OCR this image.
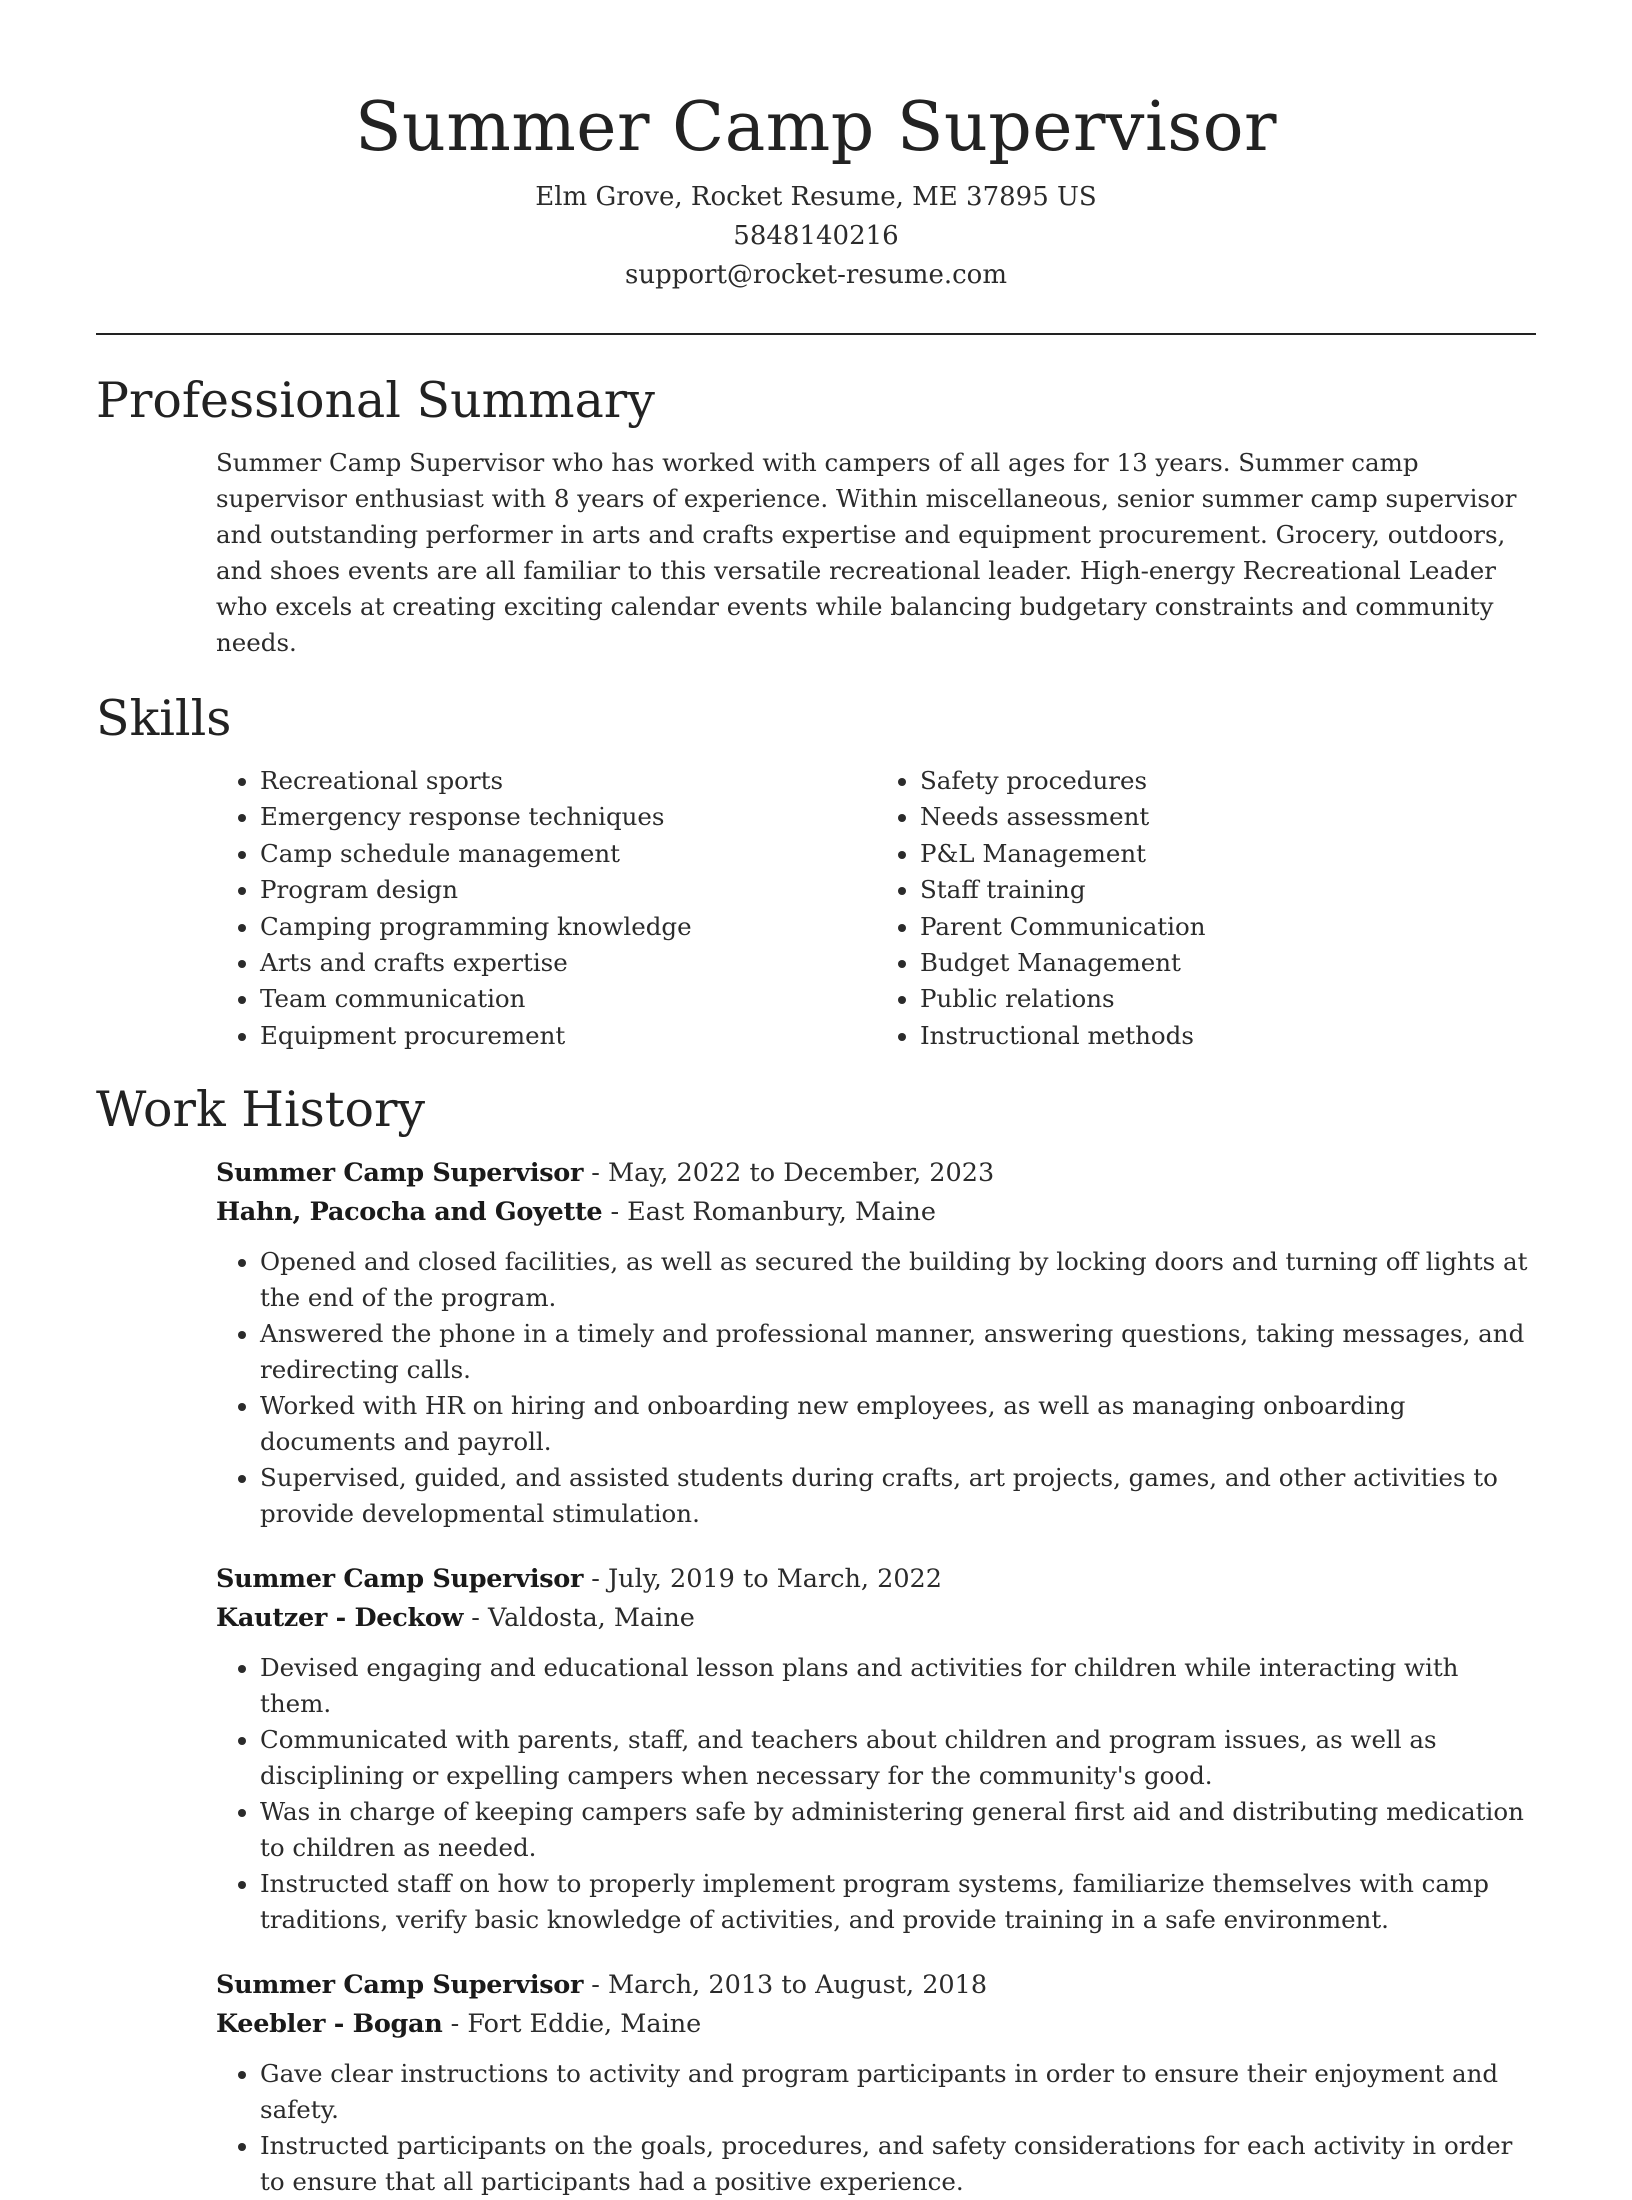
Summer Camp Supervisor
Elm Grove, Rocket Resume, ME 37895 US
5848140216
support@rocket-resume.com
Professional Summary

Summer Camp Supervisor who has worked with campers of all ages for 13 years. Summer camp supervisor enthusiast with 8 years of experience. Within miscellaneous, senior summer camp supervisor and outstanding performer in arts and crafts expertise and equipment procurement. Grocery, outdoors, and shoes events are all familiar to this versatile recreational leader. High-energy Recreational Leader who excels at creating exciting calendar events while balancing budgetary constraints and community needs.

Skills
• Recreational sports
• Emergency response techniques
• Camp schedule management
• Program design
• Camping programming knowledge
• Arts and crafts expertise
• Team communication
• Equipment procurement
• Safety procedures
• Needs assessment
• P&L Management
• Staff training
• Parent Communication
• Budget Management
• Public relations
• Instructional methods
Work History
Summer Camp Supervisor - May, 2022 to December, 2023
Hahn, Pacocha and Goyette - East Romanbury, Maine
• Opened and closed facilities, as well as secured the building by locking doors and turning off lights at the end of the program.
• Answered the phone in a timely and professional manner, answering questions, taking messages, and redirecting calls.
• Worked with HR on hiring and onboarding new employees, as well as managing onboarding documents and payroll.
• Supervised, guided, and assisted students during crafts, art projects, games, and other activities to provide developmental stimulation.
Summer Camp Supervisor - July, 2019 to March, 2022
Kautzer - Deckow - Valdosta, Maine
• Devised engaging and educational lesson plans and activities for children while interacting with them.
• Communicated with parents, staff, and teachers about children and program issues, as well as disciplining or expelling campers when necessary for the community's good.
• Was in charge of keeping campers safe by administering general first aid and distributing medication to children as needed.
• Instructed staff on how to properly implement program systems, familiarize themselves with camp traditions, verify basic knowledge of activities, and provide training in a safe environment.
Summer Camp Supervisor - March, 2013 to August, 2018
Keebler - Bogan - Fort Eddie, Maine
• Gave clear instructions to activity and program participants in order to ensure their enjoyment and safety.
• Instructed participants on the goals, procedures, and safety considerations for each activity in order to ensure that all participants had a positive experience.
